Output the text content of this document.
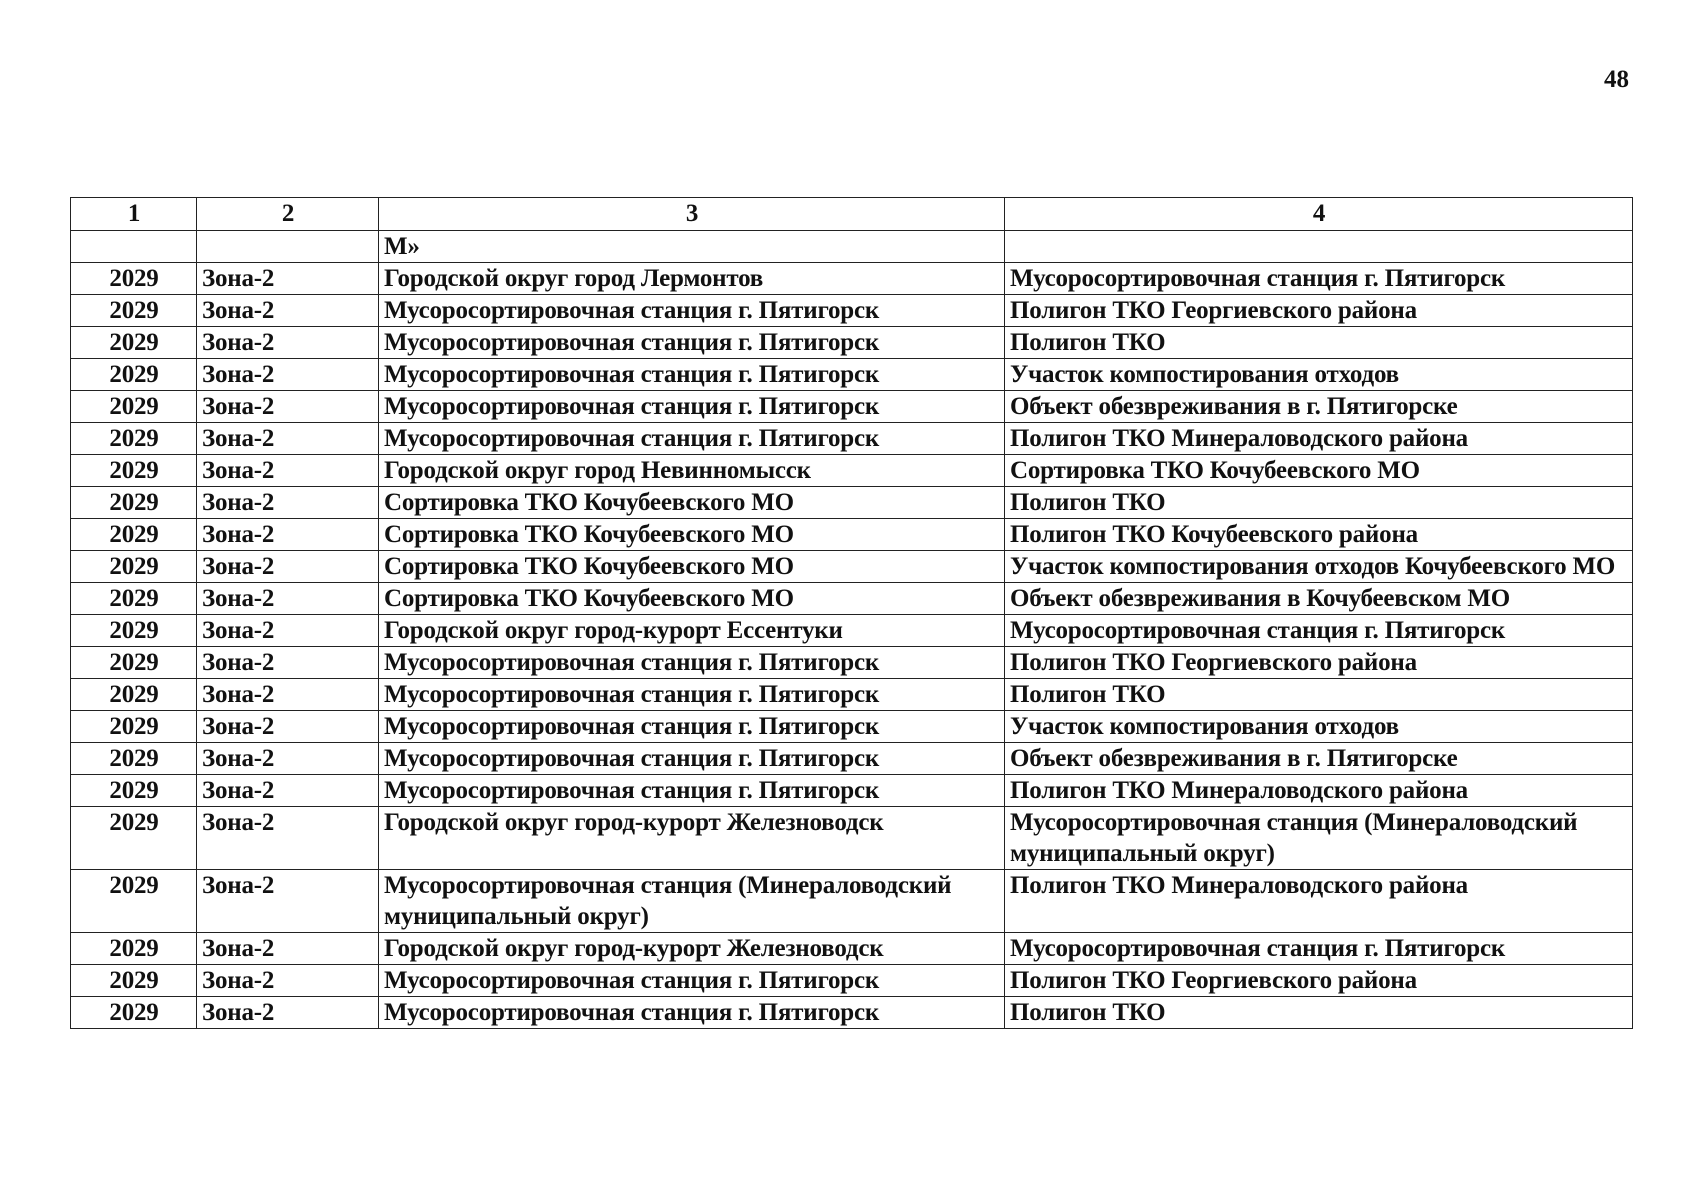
48
1	2	3	4
		М»	
2029	Зона-2	Городской округ город Лермонтов	Мусоросортировочная станция г. Пятигорск
2029	Зона-2	Мусоросортировочная станция г. Пятигорск	Полигон ТКО Георгиевского района
2029	Зона-2	Мусоросортировочная станция г. Пятигорск	Полигон ТКО
2029	Зона-2	Мусоросортировочная станция г. Пятигорск	Участок компостирования отходов
2029	Зона-2	Мусоросортировочная станция г. Пятигорск	Объект обезвреживания в г. Пятигорске
2029	Зона-2	Мусоросортировочная станция г. Пятигорск	Полигон ТКО Минераловодского района
2029	Зона-2	Городской округ город Невинномысск	Сортировка ТКО Кочубеевского МО
2029	Зона-2	Сортировка ТКО Кочубеевского МО	Полигон ТКО
2029	Зона-2	Сортировка ТКО Кочубеевского МО	Полигон ТКО Кочубеевского района
2029	Зона-2	Сортировка ТКО Кочубеевского МО	Участок компостирования отходов Кочубеевского МО
2029	Зона-2	Сортировка ТКО Кочубеевского МО	Объект обезвреживания в Кочубеевском МО
2029	Зона-2	Городской округ город-курорт Ессентуки	Мусоросортировочная станция г. Пятигорск
2029	Зона-2	Мусоросортировочная станция г. Пятигорск	Полигон ТКО Георгиевского района
2029	Зона-2	Мусоросортировочная станция г. Пятигорск	Полигон ТКО
2029	Зона-2	Мусоросортировочная станция г. Пятигорск	Участок компостирования отходов
2029	Зона-2	Мусоросортировочная станция г. Пятигорск	Объект обезвреживания в г. Пятигорске
2029	Зона-2	Мусоросортировочная станция г. Пятигорск	Полигон ТКО Минераловодского района
2029	Зона-2	Городской округ город-курорт Железноводск	Мусоросортировочная станция (Минераловодский муниципальный округ)
2029	Зона-2	Мусоросортировочная станция (Минераловодский муниципальный округ)	Полигон ТКО Минераловодского района
2029	Зона-2	Городской округ город-курорт Железноводск	Мусоросортировочная станция г. Пятигорск
2029	Зона-2	Мусоросортировочная станция г. Пятигорск	Полигон ТКО Георгиевского района
2029	Зона-2	Мусоросортировочная станция г. Пятигорск	Полигон ТКО
